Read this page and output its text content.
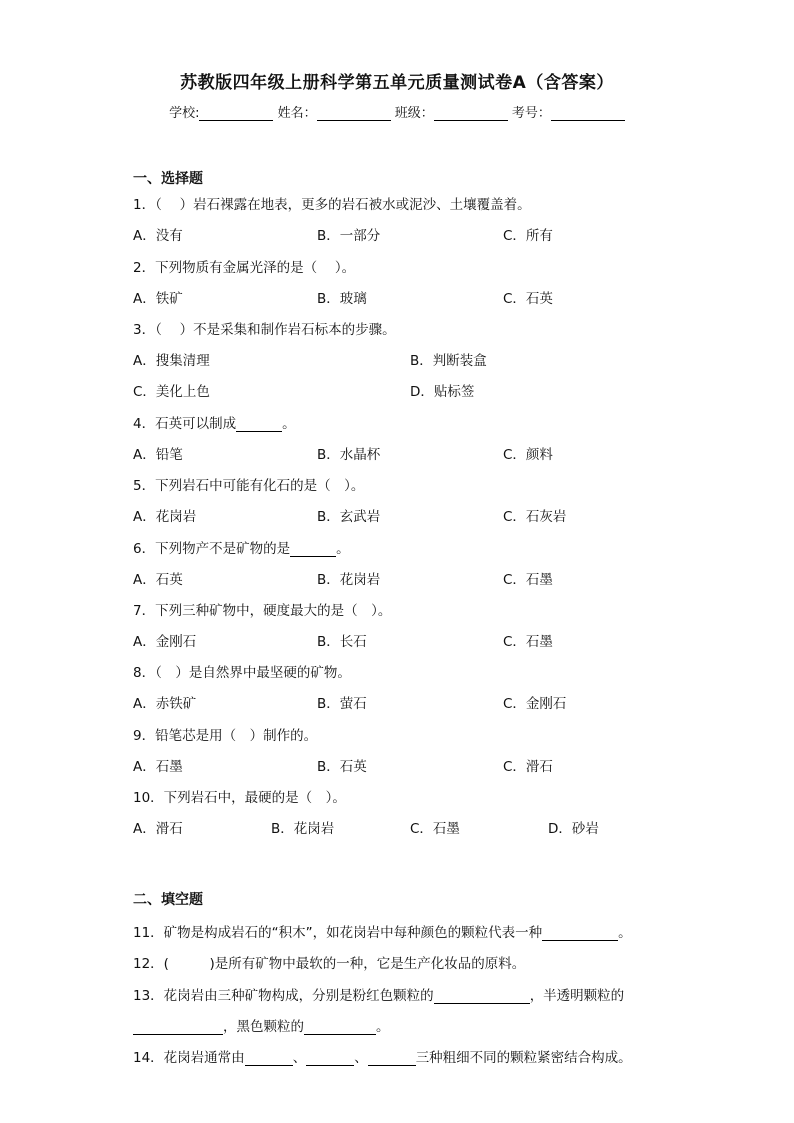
苏教版四年级上册科学第五单元质量测试卷A（含答案）
学校:	姓名：	班级：	考号：
一、选择题
1．（　 ）岩石裸露在地表，更多的岩石被水或泥沙、土壤覆盖着。
A．没有	B．一部分	C．所有
2．下列物质有金属光泽的是（　 ）。
A．铁矿	B．玻璃	C．石英
3．（　 ）不是采集和制作岩石标本的步骤。
A．搜集清理	B．判断装盒
C．美化上色	D．贴标签
4．石英可以制成	。
A．铅笔	B．水晶杯	C．颜料
5．下列岩石中可能有化石的是（　）。
A．花岗岩	B．玄武岩	C．石灰岩
6．下列物产不是矿物的是	。
A．石英	B．花岗岩	C．石墨
7．下列三种矿物中，硬度最大的是（　）。
A．金刚石	B．长石	C．石墨
8．（　）是自然界中最坚硬的矿物。
A．赤铁矿	B．萤石	C．金刚石
9．铅笔芯是用（　）制作的。
A．石墨	B．石英	C．滑石
10．下列岩石中，最硬的是（　）。
A．滑石	B．花岗岩	C．石墨	D．砂岩
二、填空题
11．矿物是构成岩石的“积木”，如花岗岩中每种颜色的颗粒代表一种	。
12．(　　　)是所有矿物中最软的一种，它是生产化妆品的原料。
13．花岗岩由三种矿物构成，分别是粉红色颗粒的	，半透明颗粒的
，黑色颗粒的	。
14．花岗岩通常由	、	、	三种粗细不同的颗粒紧密结合构成。
